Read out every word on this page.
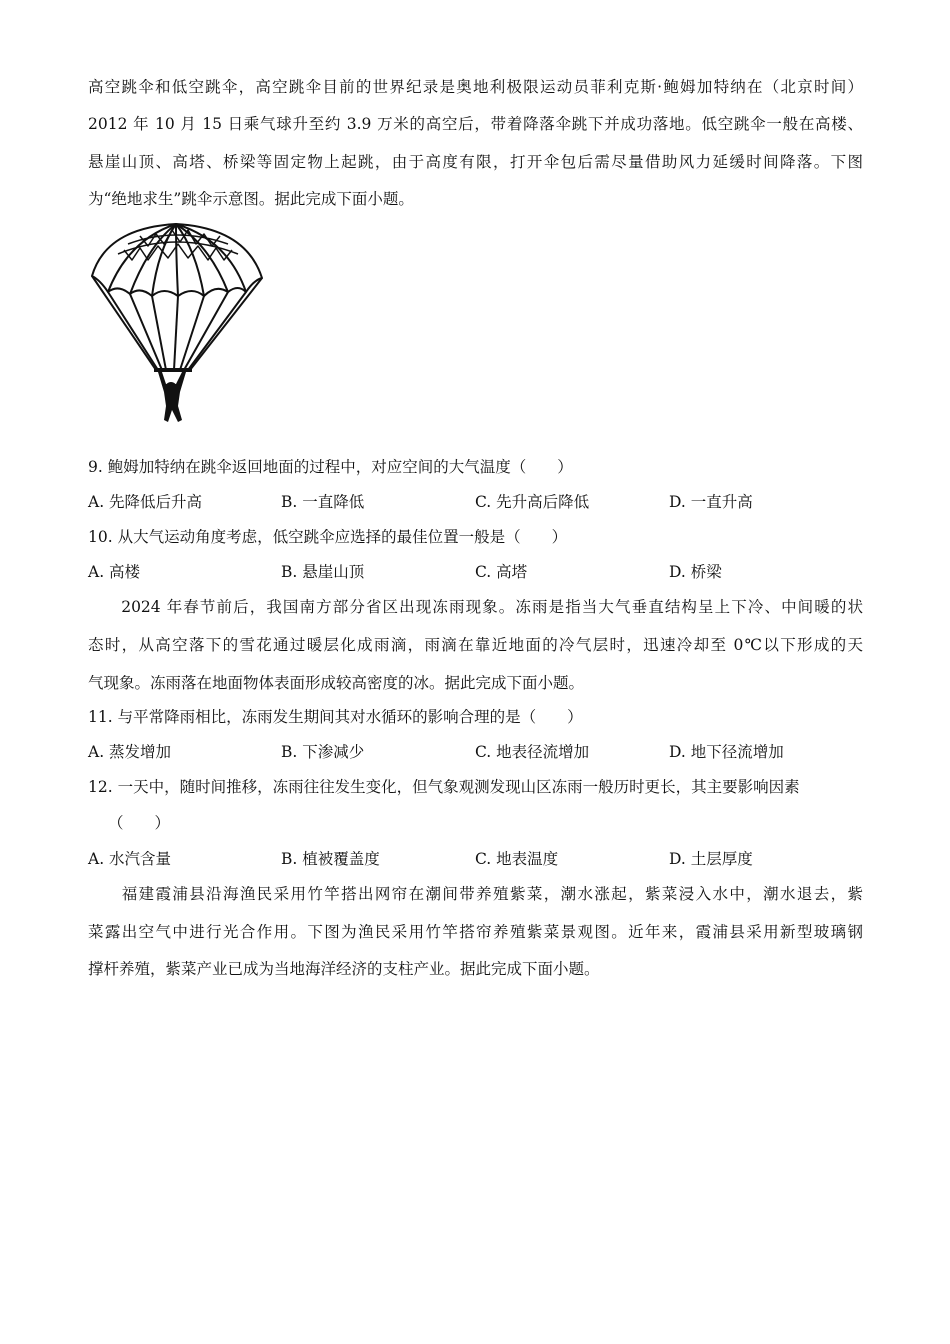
高空跳伞和低空跳伞，高空跳伞目前的世界纪录是奥地利极限运动员菲利克斯·鲍姆加特纳在（北京时间）
2012 年 10 月 15 日乘气球升至约 3.9 万米的高空后，带着降落伞跳下并成功落地。低空跳伞一般在高楼、
悬崖山顶、高塔、桥梁等固定物上起跳，由于高度有限，打开伞包后需尽量借助风力延缓时间降落。下图
为“绝地求生”跳伞示意图。据此完成下面小题。
9. 鲍姆加特纳在跳伞返回地面的过程中，对应空间的大气温度（　　）
A. 先降低后升高	B. 一直降低	C. 先升高后降低	D. 一直升高
10. 从大气运动角度考虑，低空跳伞应选择的最佳位置一般是（　　）
A. 高楼	B. 悬崖山顶	C. 高塔	D. 桥梁
　　2024 年春节前后，我国南方部分省区出现冻雨现象。冻雨是指当大气垂直结构呈上下冷、中间暖的状
态时，从高空落下的雪花通过暖层化成雨滴，雨滴在靠近地面的冷气层时，迅速冷却至 0℃以下形成的天
气现象。冻雨落在地面物体表面形成较高密度的冰。据此完成下面小题。
11. 与平常降雨相比，冻雨发生期间其对水循环的影响合理的是（　　）
A. 蒸发增加	B. 下渗减少	C. 地表径流增加	D. 地下径流增加
12. 一天中，随时间推移，冻雨往往发生变化，但气象观测发现山区冻雨一般历时更长，其主要影响因素
（　　）
A. 水汽含量	B. 植被覆盖度	C. 地表温度	D. 土层厚度
　　福建霞浦县沿海渔民采用竹竿搭出网帘在潮间带养殖紫菜，潮水涨起，紫菜浸入水中，潮水退去，紫
菜露出空气中进行光合作用。下图为渔民采用竹竿搭帘养殖紫菜景观图。近年来，霞浦县采用新型玻璃钢
撑杆养殖，紫菜产业已成为当地海洋经济的支柱产业。据此完成下面小题。
